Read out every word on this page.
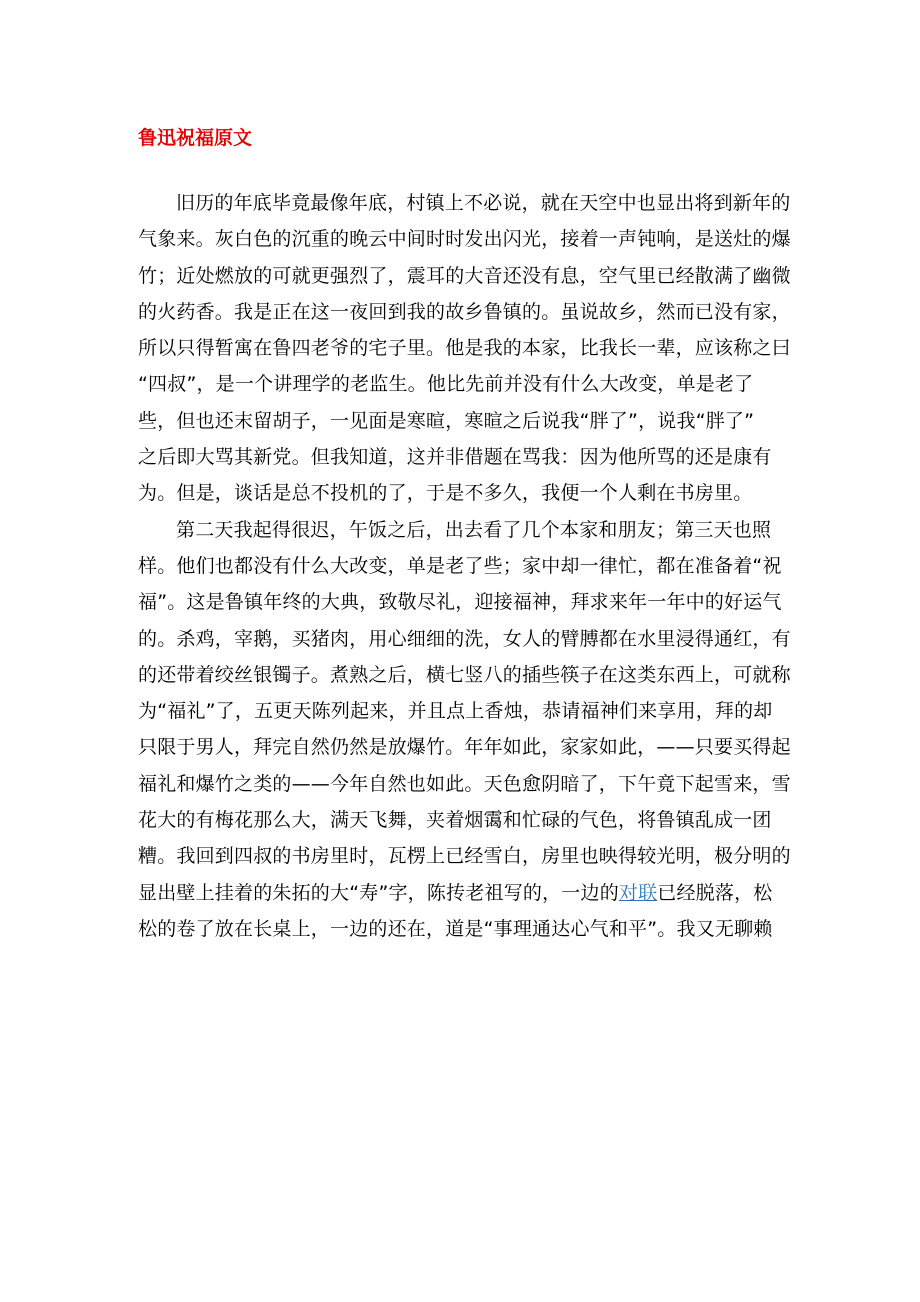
鲁迅祝福原文

旧历的年底毕竟最像年底，村镇上不必说，就在天空中也显出将到新年的
气象来。灰白色的沉重的晚云中间时时发出闪光，接着一声钝响，是送灶的爆
竹；近处燃放的可就更强烈了，震耳的大音还没有息，空气里已经散满了幽微
的火药香。我是正在这一夜回到我的故乡鲁镇的。虽说故乡，然而已没有家，
所以只得暂寓在鲁四老爷的宅子里。他是我的本家，比我长一辈，应该称之曰
“四叔”，是一个讲理学的老监生。他比先前并没有什么大改变，单是老了
些，但也还末留胡子，一见面是寒暄，寒暄之后说我“胖了”，说我“胖了”
之后即大骂其新党。但我知道，这并非借题在骂我：因为他所骂的还是康有
为。但是，谈话是总不投机的了，于是不多久，我便一个人剩在书房里。

第二天我起得很迟，午饭之后，出去看了几个本家和朋友；第三天也照
样。他们也都没有什么大改变，单是老了些；家中却一律忙，都在准备着“祝
福”。这是鲁镇年终的大典，致敬尽礼，迎接福神，拜求来年一年中的好运气
的。杀鸡，宰鹅，买猪肉，用心细细的洗，女人的臂膊都在水里浸得通红，有
的还带着绞丝银镯子。煮熟之后，横七竖八的插些筷子在这类东西上，可就称
为“福礼”了，五更天陈列起来，并且点上香烛，恭请福神们来享用，拜的却
只限于男人，拜完自然仍然是放爆竹。年年如此，家家如此，——只要买得起
福礼和爆竹之类的——今年自然也如此。天色愈阴暗了，下午竟下起雪来，雪
花大的有梅花那么大，满天飞舞，夹着烟霭和忙碌的气色，将鲁镇乱成一团
糟。我回到四叔的书房里时，瓦楞上已经雪白，房里也映得较光明，极分明的
显出壁上挂着的朱拓的大“寿”字，陈抟老祖写的，一边的对联已经脱落，松
松的卷了放在长桌上，一边的还在，道是“事理通达心气和平”。我又无聊赖
